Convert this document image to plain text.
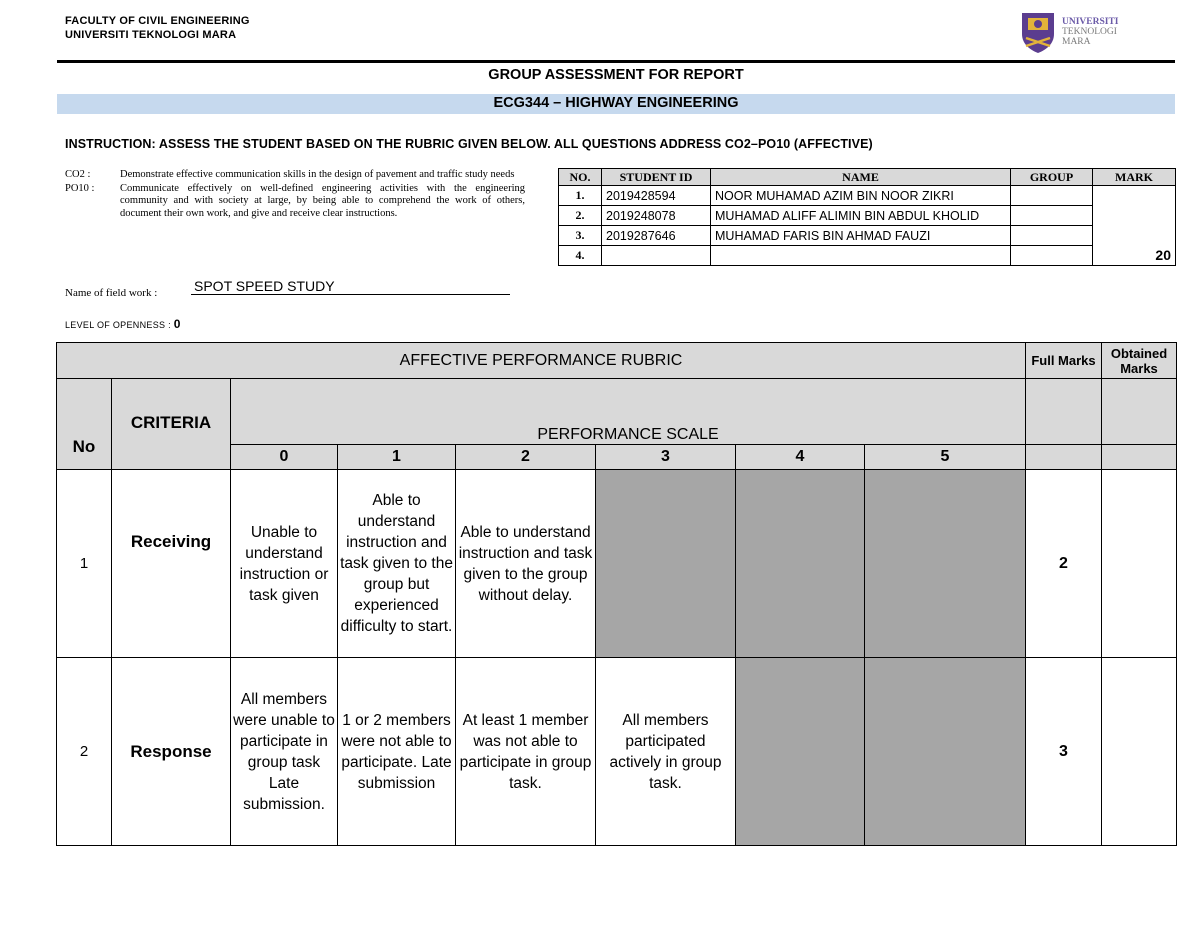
FACULTY OF CIVIL ENGINEERING
UNIVERSITI TEKNOLOGI MARA
UNIVERSITI
TEKNOLOGI
MARA
GROUP ASSESSMENT FOR REPORT
ECG344 – HIGHWAY ENGINEERING
INSTRUCTION: ASSESS THE STUDENT BASED ON THE RUBRIC GIVEN BELOW. ALL QUESTIONS ADDRESS CO2–PO10 (AFFECTIVE)
CO2 :	Demonstrate effective communication skills in the design of pavement and traffic study needs
PO10 :	Communicate effectively on well-defined engineering activities with the engineering community and with society at large, by being able to comprehend the work of others, document their own work, and give and receive clear instructions.
NO.	STUDENT ID	NAME	GROUP	MARK
1.	2019428594	NOOR MUHAMAD AZIM BIN NOOR ZIKRI		20
2.	2019248078	MUHAMAD ALIFF ALIMIN BIN ABDUL KHOLID		
3.	2019287646	MUHAMAD FARIS BIN AHMAD FAUZI		
4.				
Name of field work :	SPOT SPEED STUDY
LEVEL OF OPENNESS : 0
AFFECTIVE PERFORMANCE RUBRIC								Full Marks	Obtained Marks
No	CRITERIA	PERFORMANCE SCALE							
		0	1	2	3	4	5		
1	Receiving	Unable to understand instruction or task given	Able to understand instruction and task given to the group but experienced difficulty to start.	Able to understand instruction and task given to the group without delay.				2	
2	Response	All members were unable to participate in group task Late submission.	1 or 2 members were not able to participate. Late submission	At least 1 member was not able to participate in group task.	All members participated actively in group task.			3	
